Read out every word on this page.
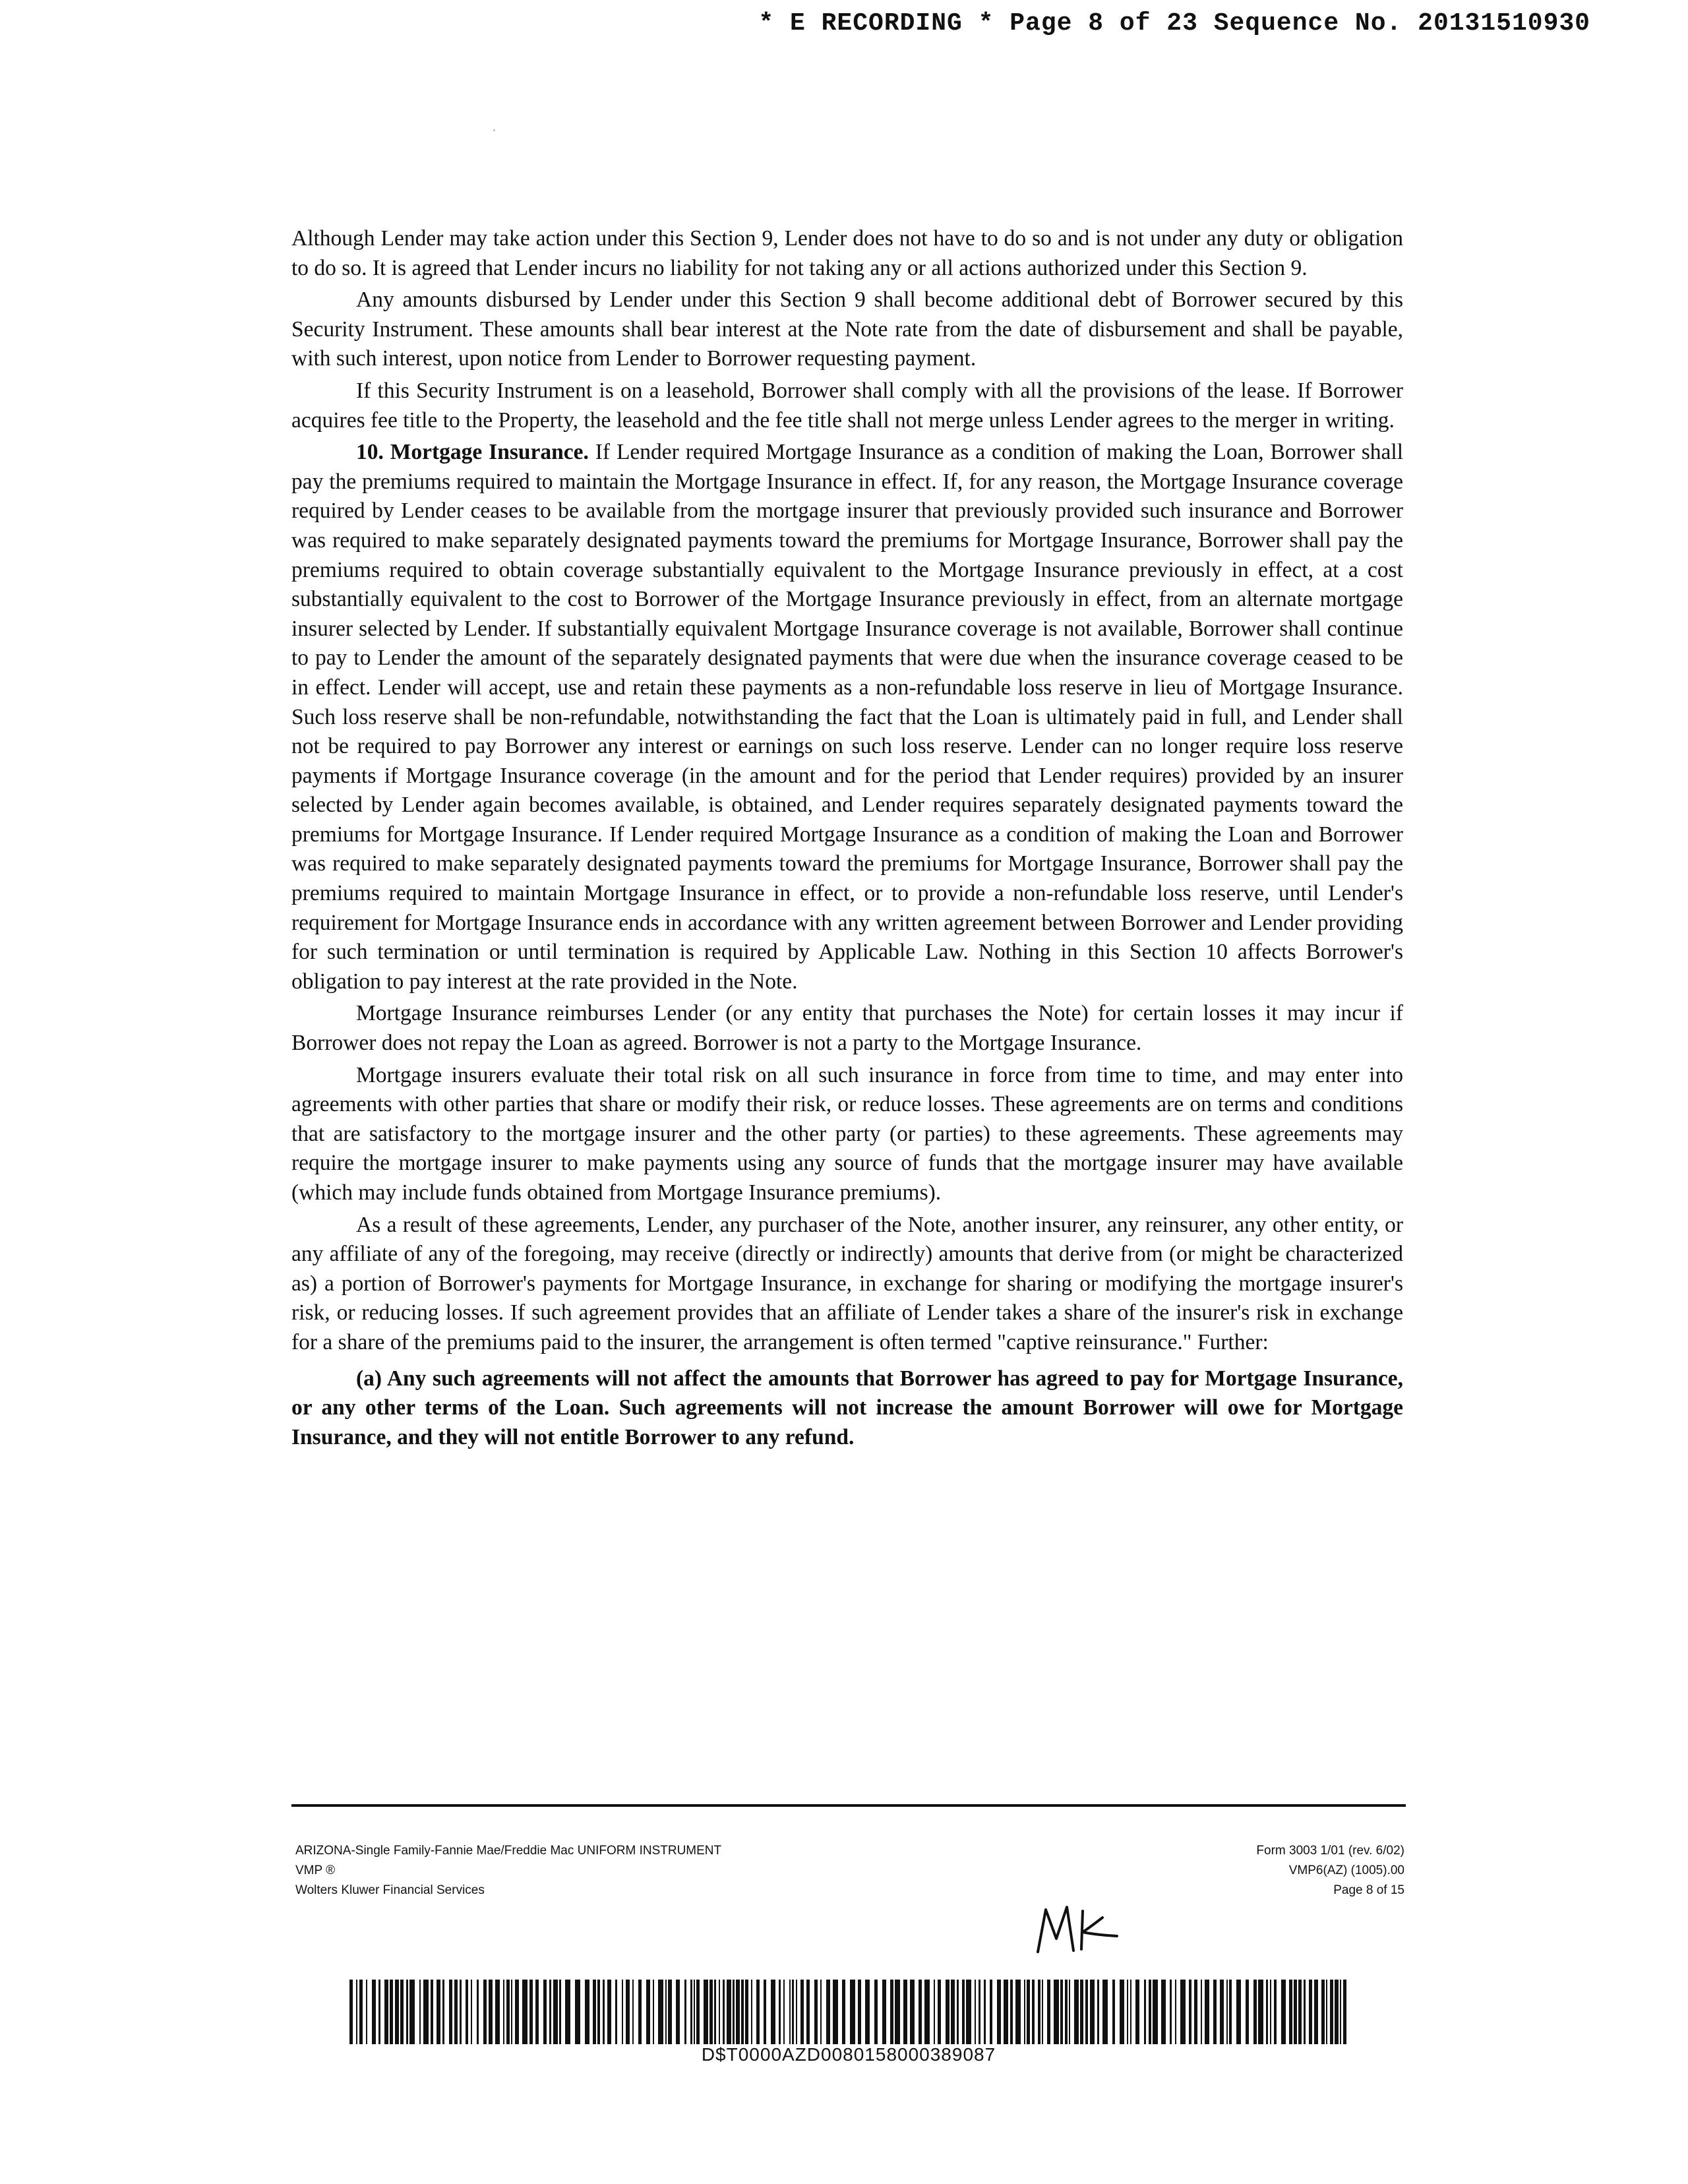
* E RECORDING * Page 8 of 23 Sequence No. 20131510930

Although Lender may take action under this Section 9, Lender does not have to do so and is not under any duty or obligation to do so. It is agreed that Lender incurs no liability for not taking any or all actions authorized under this Section 9.

Any amounts disbursed by Lender under this Section 9 shall become additional debt of Borrower secured by this Security Instrument. These amounts shall bear interest at the Note rate from the date of disbursement and shall be payable, with such interest, upon notice from Lender to Borrower requesting payment.

If this Security Instrument is on a leasehold, Borrower shall comply with all the provisions of the lease. If Borrower acquires fee title to the Property, the leasehold and the fee title shall not merge unless Lender agrees to the merger in writing.

10. Mortgage Insurance. If Lender required Mortgage Insurance as a condition of making the Loan, Borrower shall pay the premiums required to maintain the Mortgage Insurance in effect. If, for any reason, the Mortgage Insurance coverage required by Lender ceases to be available from the mortgage insurer that previously provided such insurance and Borrower was required to make separately designated payments toward the premiums for Mortgage Insurance, Borrower shall pay the premiums required to obtain coverage substantially equivalent to the Mortgage Insurance previously in effect, at a cost substantially equivalent to the cost to Borrower of the Mortgage Insurance previously in effect, from an alternate mortgage insurer selected by Lender. If substantially equivalent Mortgage Insurance coverage is not available, Borrower shall continue to pay to Lender the amount of the separately designated payments that were due when the insurance coverage ceased to be in effect. Lender will accept, use and retain these payments as a non-refundable loss reserve in lieu of Mortgage Insurance. Such loss reserve shall be non-refundable, notwithstanding the fact that the Loan is ultimately paid in full, and Lender shall not be required to pay Borrower any interest or earnings on such loss reserve. Lender can no longer require loss reserve payments if Mortgage Insurance coverage (in the amount and for the period that Lender requires) provided by an insurer selected by Lender again becomes available, is obtained, and Lender requires separately designated payments toward the premiums for Mortgage Insurance. If Lender required Mortgage Insurance as a condition of making the Loan and Borrower was required to make separately designated payments toward the premiums for Mortgage Insurance, Borrower shall pay the premiums required to maintain Mortgage Insurance in effect, or to provide a non-refundable loss reserve, until Lender's requirement for Mortgage Insurance ends in accordance with any written agreement between Borrower and Lender providing for such termination or until termination is required by Applicable Law. Nothing in this Section 10 affects Borrower's obligation to pay interest at the rate provided in the Note.

Mortgage Insurance reimburses Lender (or any entity that purchases the Note) for certain losses it may incur if Borrower does not repay the Loan as agreed. Borrower is not a party to the Mortgage Insurance.

Mortgage insurers evaluate their total risk on all such insurance in force from time to time, and may enter into agreements with other parties that share or modify their risk, or reduce losses. These agreements are on terms and conditions that are satisfactory to the mortgage insurer and the other party (or parties) to these agreements. These agreements may require the mortgage insurer to make payments using any source of funds that the mortgage insurer may have available (which may include funds obtained from Mortgage Insurance premiums).

As a result of these agreements, Lender, any purchaser of the Note, another insurer, any reinsurer, any other entity, or any affiliate of any of the foregoing, may receive (directly or indirectly) amounts that derive from (or might be characterized as) a portion of Borrower's payments for Mortgage Insurance, in exchange for sharing or modifying the mortgage insurer's risk, or reducing losses. If such agreement provides that an affiliate of Lender takes a share of the insurer's risk in exchange for a share of the premiums paid to the insurer, the arrangement is often termed "captive reinsurance." Further:

(a) Any such agreements will not affect the amounts that Borrower has agreed to pay for Mortgage Insurance, or any other terms of the Loan. Such agreements will not increase the amount Borrower will owe for Mortgage Insurance, and they will not entitle Borrower to any refund.

ARIZONA-Single Family-Fannie Mae/Freddie Mac UNIFORM INSTRUMENT
VMP ®
Wolters Kluwer Financial Services
Form 3003 1/01 (rev. 6/02)
VMP6(AZ) (1005).00
Page 8 of 15
D$T0000AZD0080158000389087
